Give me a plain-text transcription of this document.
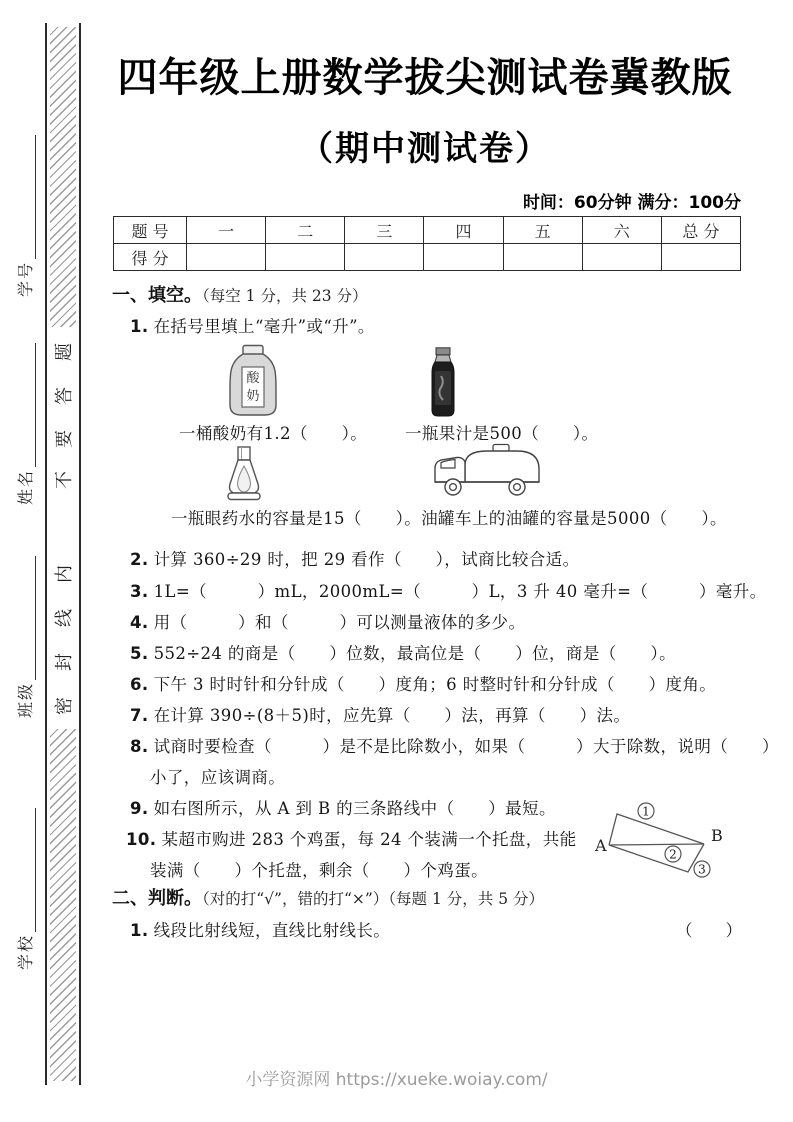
学号
姓名
班级
学校
题
答
要
不
内
线
封
密
四年级上册数学拔尖测试卷冀教版
（期中测试卷）
时间：60分钟 满分：100分
题 号	一	二	三	四	五	六	总 分
得 分							
一、填空。（每空 1 分，共 23 分）
1. 在括号里填上“毫升”或“升”。
酸
奶
一桶酸奶有1.2（　　）。 一瓶果汁是500（　　）。
一瓶眼药水的容量是15（　　）。油罐车上的油罐的容量是5000（　　）。
2. 计算 360÷29 时，把 29 看作（　　），试商比较合适。
3. 1L=（　　　）mL，2000mL=（　　　）L，3 升 40 毫升=（　　　）毫升。
4. 用（　　　）和（　　　）可以测量液体的多少。
5. 552÷24 的商是（　　）位数，最高位是（　　）位，商是（　　）。
6. 下午 3 时时针和分针成（　　）度角；6 时整时针和分针成（　　）度角。
7. 在计算 390÷(8＋5)时，应先算（　　）法，再算（　　）法。
8. 试商时要检查（　　　）是不是比除数小，如果（　　　）大于除数，说明（　　）
小了，应该调商。
9. 如右图所示，从 A 到 B 的三条路线中（　　）最短。
10. 某超市购进 283 个鸡蛋，每 24 个装满一个托盘，共能
装满（　　）个托盘，剩余（　　）个鸡蛋。
A
B
1
2
3
二、判断。（对的打“√”，错的打“×”）（每题 1 分，共 5 分）
1. 线段比射线短，直线比射线长。	（　　）
小学资源网 https://xueke.woiay.com/
